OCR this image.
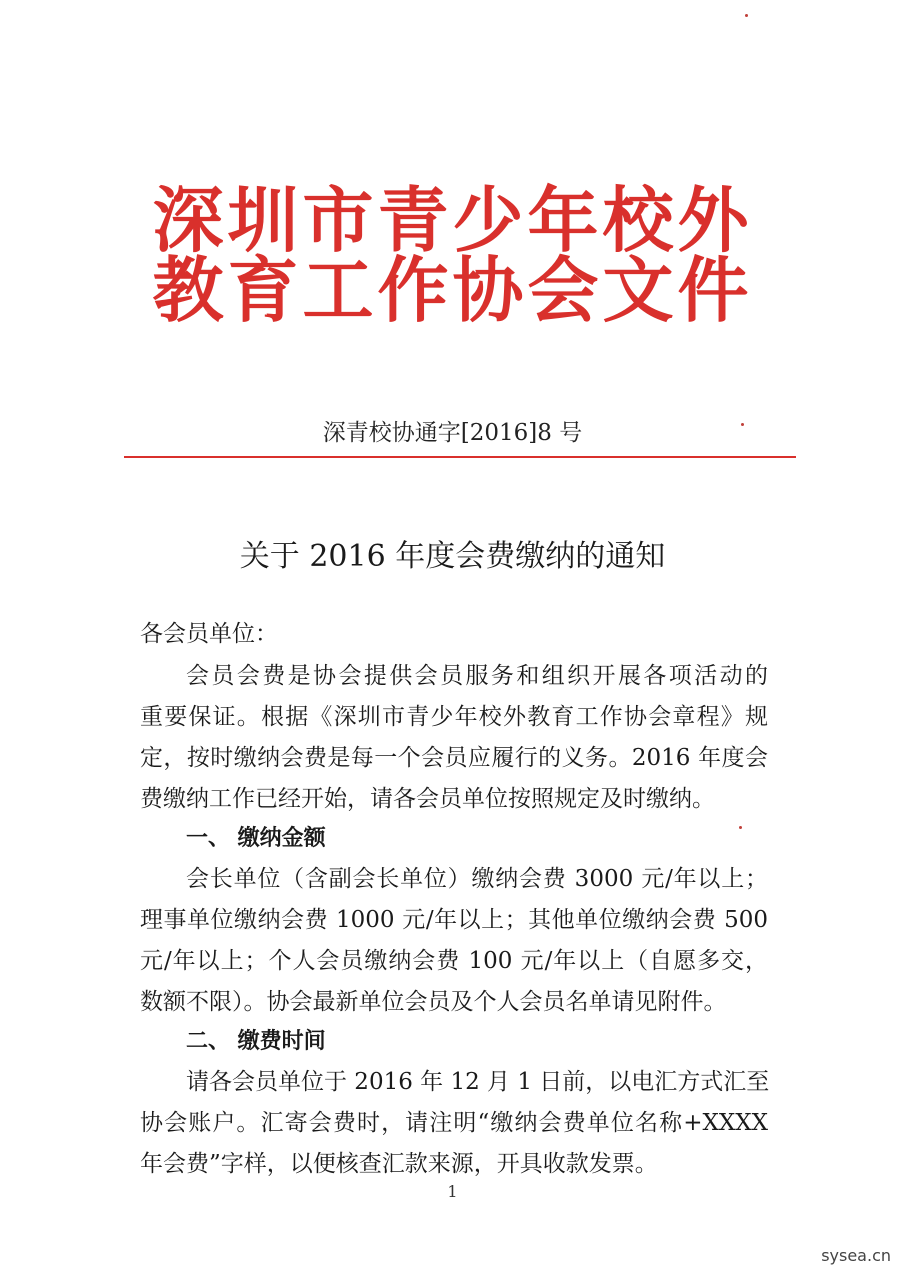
深圳市青少年校外
教育工作协会文件
深青校协通字[2016]8 号
关于 2016 年度会费缴纳的通知
各会员单位：
会员会费是协会提供会员服务和组织开展各项活动的
重要保证。根据《深圳市青少年校外教育工作协会章程》规
定，按时缴纳会费是每一个会员应履行的义务。2016 年度会
费缴纳工作已经开始，请各会员单位按照规定及时缴纳。
一、 缴纳金额
会长单位（含副会长单位）缴纳会费 3000 元/年以上；
理事单位缴纳会费 1000 元/年以上；其他单位缴纳会费 500
元/年以上；个人会员缴纳会费 100 元/年以上（自愿多交，
数额不限）。协会最新单位会员及个人会员名单请见附件。
二、 缴费时间
请各会员单位于 2016 年 12 月 1 日前，以电汇方式汇至
协会账户。汇寄会费时，请注明“缴纳会费单位名称+XXXX
年会费”字样，以便核查汇款来源，开具收款发票。
1
sysea.cn
